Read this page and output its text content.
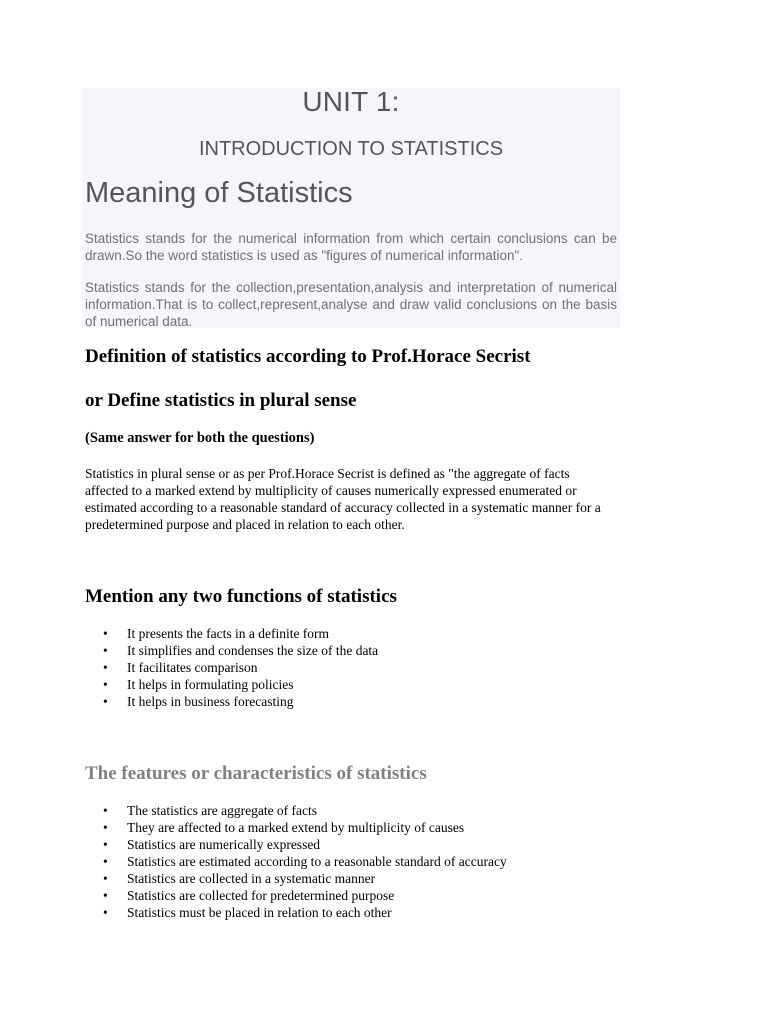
UNIT 1:
INTRODUCTION TO STATISTICS
Meaning of Statistics

Statistics stands for the numerical information from which certain conclusions can be drawn.So the word statistics is used as "figures of numerical information".

Statistics stands for the collection,presentation,analysis and interpretation of numerical information.That is to collect,represent,analyse and draw valid conclusions on the basis of numerical data.

Definition of statistics according to Prof.Horace Secrist
or Define statistics in plural sense

(Same answer for both the questions)

Statistics in plural sense or as per Prof.Horace Secrist is defined as "the aggregate of facts affected to a marked extend by multiplicity of causes numerically expressed enumerated or estimated according to a reasonable standard of accuracy collected in a systematic manner for a predetermined purpose and placed in relation to each other.

Mention any two functions of statistics
• It presents the facts in a definite form
• It simplifies and condenses the size of the data
• It facilitates comparison
• It helps in formulating policies
• It helps in business forecasting
The features or characteristics of statistics
• The statistics are aggregate of facts
• They are affected to a marked extend by multiplicity of causes
• Statistics are numerically expressed
• Statistics are estimated according to a reasonable standard of accuracy
• Statistics are collected in a systematic manner
• Statistics are collected for predetermined purpose
• Statistics must be placed in relation to each other
